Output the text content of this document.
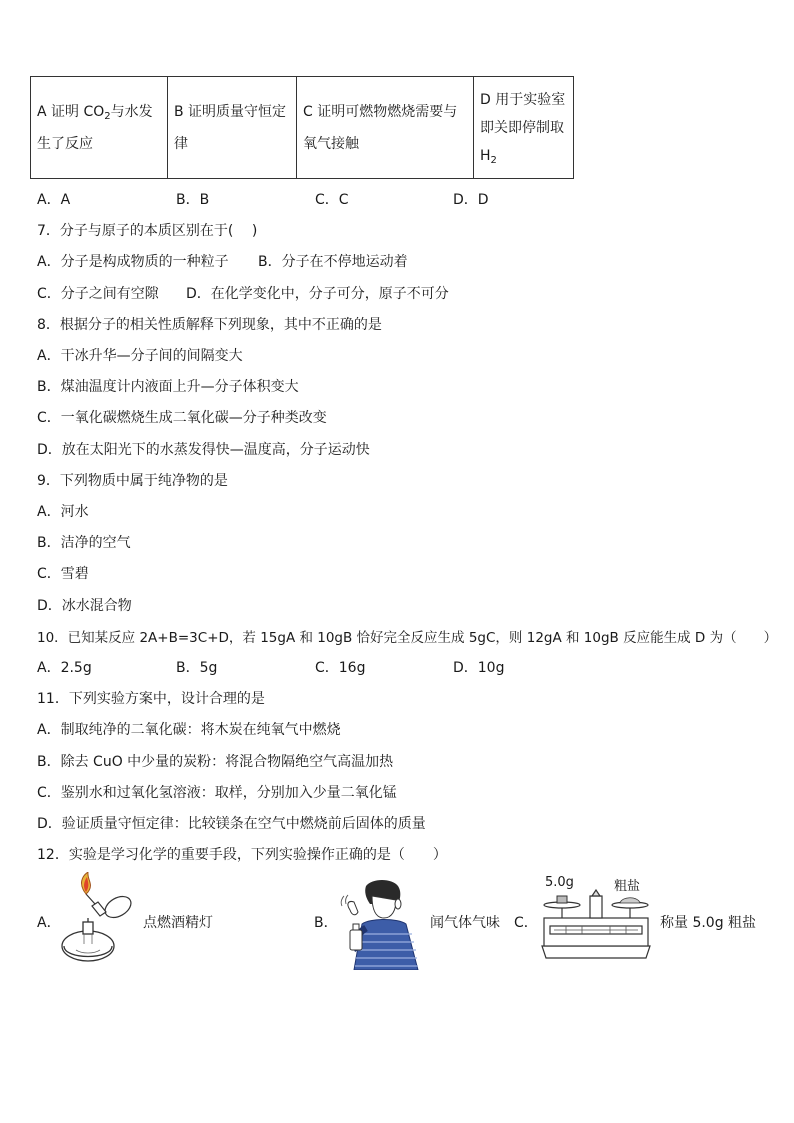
A 证明 $CO_2$与水发生了反应	B 证明质量守恒定律	C 证明可燃物燃烧需要与氧气接触	D 用于实验室即关即停制取 $H_2$
A．A	B．B	C．C	D．D
7．分子与原子的本质区别在于(　 )
A．分子是构成物质的一种粒子 B．分子在不停地运动着
C．分子之间有空隙 D．在化学变化中，分子可分，原子不可分
8．根据分子的相关性质解释下列现象，其中不正确的是
A．干冰升华—分子间的间隔变大
B．煤油温度计内液面上升—分子体积变大
C．一氧化碳燃烧生成二氧化碳—分子种类改变
D．放在太阳光下的水蒸发得快—温度高，分子运动快
9．下列物质中属于纯净物的是
A．河水
B．洁净的空气
C．雪碧
D．冰水混合物
10．已知某反应 2A+B=3C+D，若 15gA 和 10gB 恰好完全反应生成 5gC，则 12gA 和 10gB 反应能生成 D 为（　　）
A．2.5g	B．5g	C．16g	D．10g
11．下列实验方案中，设计合理的是
A．制取纯净的二氧化碳：将木炭在纯氧气中燃烧
B．除去 CuO 中少量的炭粉：将混合物隔绝空气高温加热
C．鉴别水和过氧化氢溶液：取样，分别加入少量二氧化锰
D．验证质量守恒定律：比较镁条在空气中燃烧前后固体的质量
12．实验是学习化学的重要手段，下列实验操作正确的是（　　）
A．	点燃酒精灯	B．	闻气体气味 C．
5.0g	粗盐
称量 5.0g 粗盐
